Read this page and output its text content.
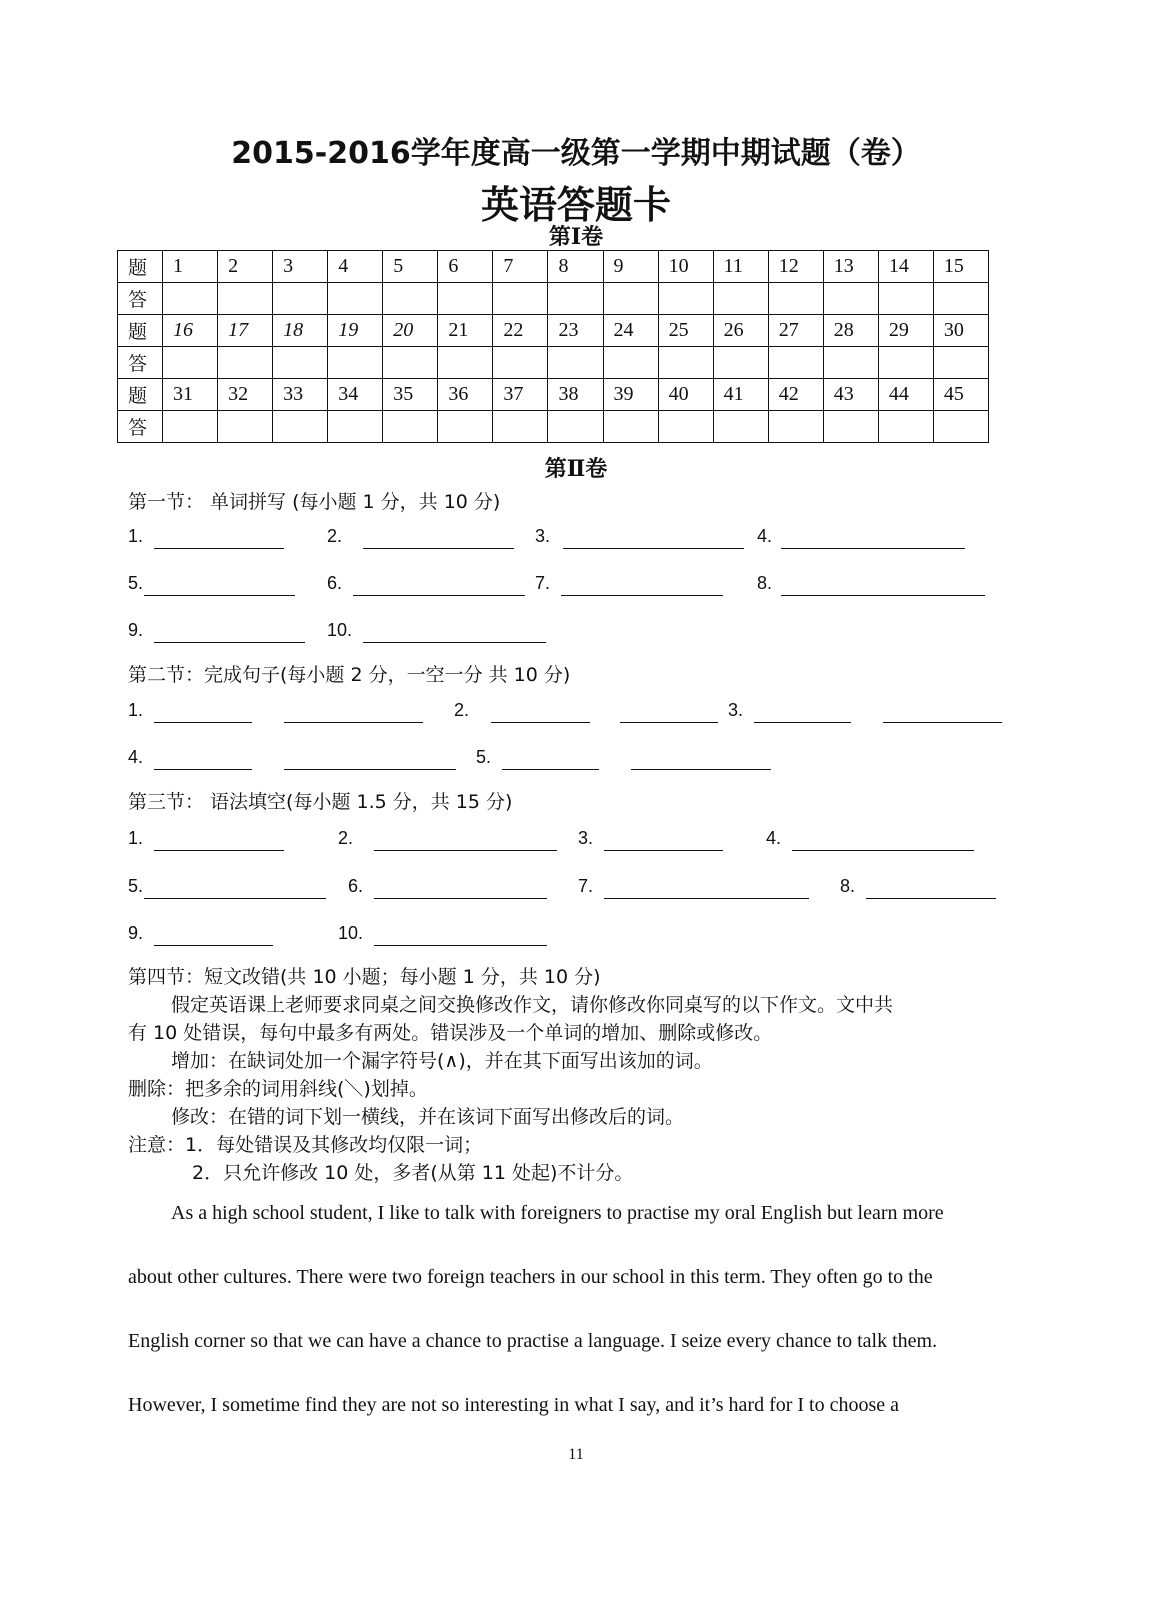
2015-2016学年度高一级第一学期中期试题（卷）
英语答题卡
第Ⅰ卷
题	1	2	3	4	5	6	7	8	9	10	11	12	13	14	15
答															
题	16	17	18	19	20	21	22	23	24	25	26	27	28	29	30
答															
题	31	32	33	34	35	36	37	38	39	40	41	42	43	44	45
答															
第Ⅱ卷
第一节： 单词拼写 (每小题 1 分，共 10 分)
1.	2.	3.	4.
5.	6.	7.	8.
9.	10.
第二节：完成句子(每小题 2 分，一空一分 共 10 分)
1.	2.	3.
4.	5.
第三节： 语法填空(每小题 1.5 分，共 15 分)
1.	2.	3.	4.
5.	6.	7.	8.
9.	10.
第四节：短文改错(共 10 小题；每小题 1 分，共 10 分)
假定英语课上老师要求同桌之间交换修改作文，请你修改你同桌写的以下作文。文中共
有 10 处错误，每句中最多有两处。错误涉及一个单词的增加、删除或修改。
增加：在缺词处加一个漏字符号(∧)，并在其下面写出该加的词。
删除：把多余的词用斜线(＼)划掉。
修改：在错的词下划一横线，并在该词下面写出修改后的词。
注意：1．每处错误及其修改均仅限一词；
2．只允许修改 10 处，多者(从第 11 处起)不计分。
As a high school student, I like to talk with foreigners to practise my oral English but learn more
about other cultures. There were two foreign teachers in our school in this term. They often go to the
English corner so that we can have a chance to practise a language. I seize every chance to talk them.
However, I sometime find they are not so interesting in what I say, and it’s hard for I to choose a
11
